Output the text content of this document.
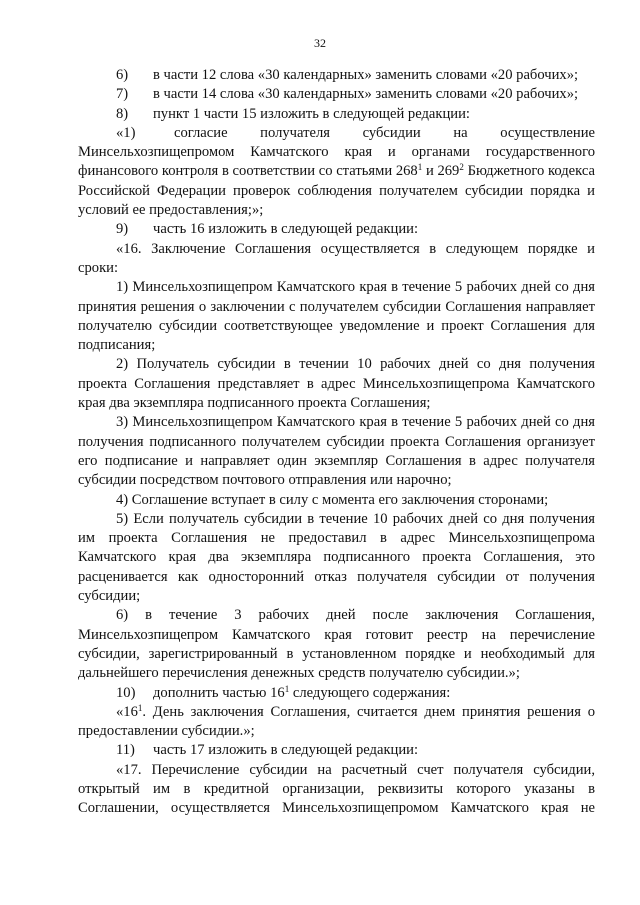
32
6)	в части 12 слова «30 календарных» заменить словами «20 рабочих»;
7)	в части 14 слова «30 календарных» заменить словами «20 рабочих»;
8)	пункт 1 части 15 изложить в следующей редакции:
«1)	согласие получателя субсидии на осуществление

Минсельхозпищепромом Камчатского края и органами государственного финансового контроля в соответствии со статьями $268^1$ и $269^2$ Бюджетного кодекса Российской Федерации проверок соблюдения получателем субсидии порядка и условий ее предоставления;»;

9)	часть 16 изложить в следующей редакции:

«16. Заключение Соглашения осуществляется в следующем порядке и сроки:

1) Минсельхозпищепром Камчатского края в течение 5 рабочих дней со дня принятия решения о заключении с получателем субсидии Соглашения направляет получателю субсидии соответствующее уведомление и проект Соглашения для подписания;

2) Получатель субсидии в течении 10 рабочих дней со дня получения проекта Соглашения представляет в адрес Минсельхозпищепрома Камчатского края два экземпляра подписанного проекта Соглашения;

3) Минсельхозпищепром Камчатского края в течение 5 рабочих дней со дня получения подписанного получателем субсидии проекта Соглашения организует его подписание и направляет один экземпляр Соглашения в адрес получателя субсидии посредством почтового отправления или нарочно;

4) Соглашение вступает в силу с момента его заключения сторонами;

5) Если получатель субсидии в течение 10 рабочих дней со дня получения им проекта Соглашения не предоставил в адрес Минсельхозпищепрома Камчатского края два экземпляра подписанного проекта Соглашения, это расценивается как односторонний отказ получателя субсидии от получения субсидии;

6) в течение 3 рабочих дней после заключения Соглашения, Минсельхозпищепром Камчатского края готовит реестр на перечисление субсидии, зарегистрированный в установленном порядке и необходимый для дальнейшего перечисления денежных средств получателю субсидии.»;

10)	дополнить частью $16^1$ следующего содержания:

«$16^1$. День заключения Соглашения, считается днем принятия решения о предоставлении субсидии.»;

11)	часть 17 изложить в следующей редакции:

«17. Перечисление субсидии на расчетный счет получателя субсидии, открытый им в кредитной организации, реквизиты которого указаны в Соглашении, осуществляется Минсельхозпищепромом Камчатского края не
